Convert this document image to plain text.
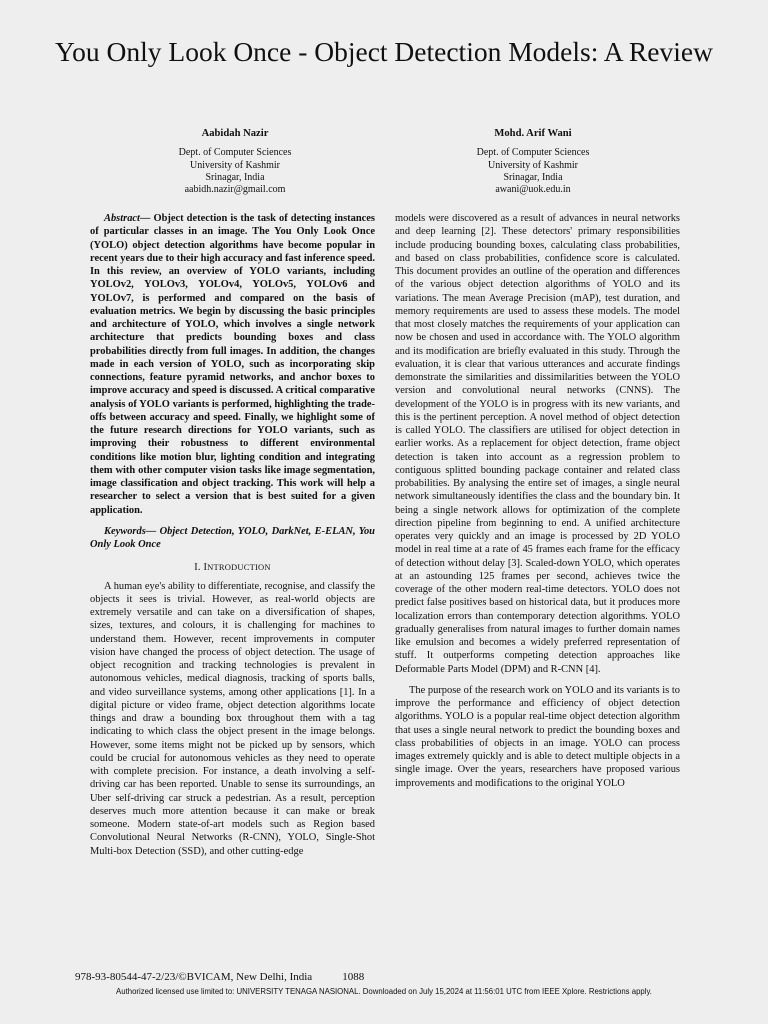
You Only Look Once - Object Detection Models: A Review
Aabidah Nazir
Dept. of Computer Sciences
University of Kashmir
Srinagar, India
aabidh.nazir@gmail.com
Mohd. Arif Wani
Dept. of Computer Sciences
University of Kashmir
Srinagar, India
awani@uok.edu.in

Abstract— Object detection is the task of detecting instances of particular classes in an image. The You Only Look Once (YOLO) object detection algorithms have become popular in recent years due to their high accuracy and fast inference speed. In this review, an overview of YOLO variants, including YOLOv2, YOLOv3, YOLOv4, YOLOv5, YOLOv6 and YOLOv7, is performed and compared on the basis of evaluation metrics. We begin by discussing the basic principles and architecture of YOLO, which involves a single network architecture that predicts bounding boxes and class probabilities directly from full images. In addition, the changes made in each version of YOLO, such as incorporating skip connections, feature pyramid networks, and anchor boxes to improve accuracy and speed is discussed. A critical comparative analysis of YOLO variants is performed, highlighting the trade-offs between accuracy and speed. Finally, we highlight some of the future research directions for YOLO variants, such as improving their robustness to different environmental conditions like motion blur, lighting condition and integrating them with other computer vision tasks like image segmentation, image classification and object tracking. This work will help a researcher to select a version that is best suited for a given application.

Keywords— Object Detection, YOLO, DarkNet, E-ELAN, You Only Look Once

I. INTRODUCTION

A human eye's ability to differentiate, recognise, and classify the objects it sees is trivial. However, as real-world objects are extremely versatile and can take on a diversification of shapes, sizes, textures, and colours, it is challenging for machines to understand them. However, recent improvements in computer vision have changed the process of object detection. The usage of object recognition and tracking technologies is prevalent in autonomous vehicles, medical diagnosis, tracking of sports balls, and video surveillance systems, among other applications [1]. In a digital picture or video frame, object detection algorithms locate things and draw a bounding box throughout them with a tag indicating to which class the object present in the image belongs. However, some items might not be picked up by sensors, which could be crucial for autonomous vehicles as they need to operate with complete precision. For instance, a death involving a self-driving car has been reported. Unable to sense its surroundings, an Uber self-driving car struck a pedestrian. As a result, perception deserves much more attention because it can make or break someone. Modern state-of-art models such as Region based Convolutional Neural Networks (R-CNN), YOLO, Single-Shot Multi-box Detection (SSD), and other cutting-edge

models were discovered as a result of advances in neural networks and deep learning [2]. These detectors' primary responsibilities include producing bounding boxes, calculating class probabilities, and based on class probabilities, confidence score is calculated. This document provides an outline of the operation and differences of the various object detection algorithms of YOLO and its variations. The mean Average Precision (mAP), test duration, and memory requirements are used to assess these models. The model that most closely matches the requirements of your application can now be chosen and used in accordance with. The YOLO algorithm and its modification are briefly evaluated in this study. Through the evaluation, it is clear that various utterances and accurate findings demonstrate the similarities and dissimilarities between the YOLO version and convolutional neural networks (CNNS). The development of the YOLO is in progress with its new variants, and this is the pertinent perception. A novel method of object detection is called YOLO. The classifiers are utilised for object detection in earlier works. As a replacement for object detection, frame object detection is taken into account as a regression problem to contiguous splitted bounding package container and related class probabilities. By analysing the entire set of images, a single neural network simultaneously identifies the class and the boundary bin. It being a single network allows for optimization of the complete direction pipeline from beginning to end. A unified architecture operates very quickly and an image is processed by 2D YOLO model in real time at a rate of 45 frames each frame for the efficacy of detection without delay [3]. Scaled-down YOLO, which operates at an astounding 125 frames per second, achieves twice the coverage of the other modern real-time detectors. YOLO does not predict false positives based on historical data, but it produces more localization errors than contemporary detection algorithms. YOLO gradually generalises from natural images to further domain names like emulsion and becomes a widely preferred representation of stuff. It outperforms competing detection approaches like Deformable Parts Model (DPM) and R-CNN [4].

The purpose of the research work on YOLO and its variants is to improve the performance and efficiency of object detection algorithms. YOLO is a popular real-time object detection algorithm that uses a single neural network to predict the bounding boxes and class probabilities of objects in an image. YOLO can process images extremely quickly and is able to detect multiple objects in a single image. Over the years, researchers have proposed various improvements and modifications to the original YOLO

978-93-80544-47-2/23/©BVICAM, New Delhi, India	1088
Authorized licensed use limited to: UNIVERSITY TENAGA NASIONAL. Downloaded on July 15,2024 at 11:56:01 UTC from IEEE Xplore. Restrictions apply.
